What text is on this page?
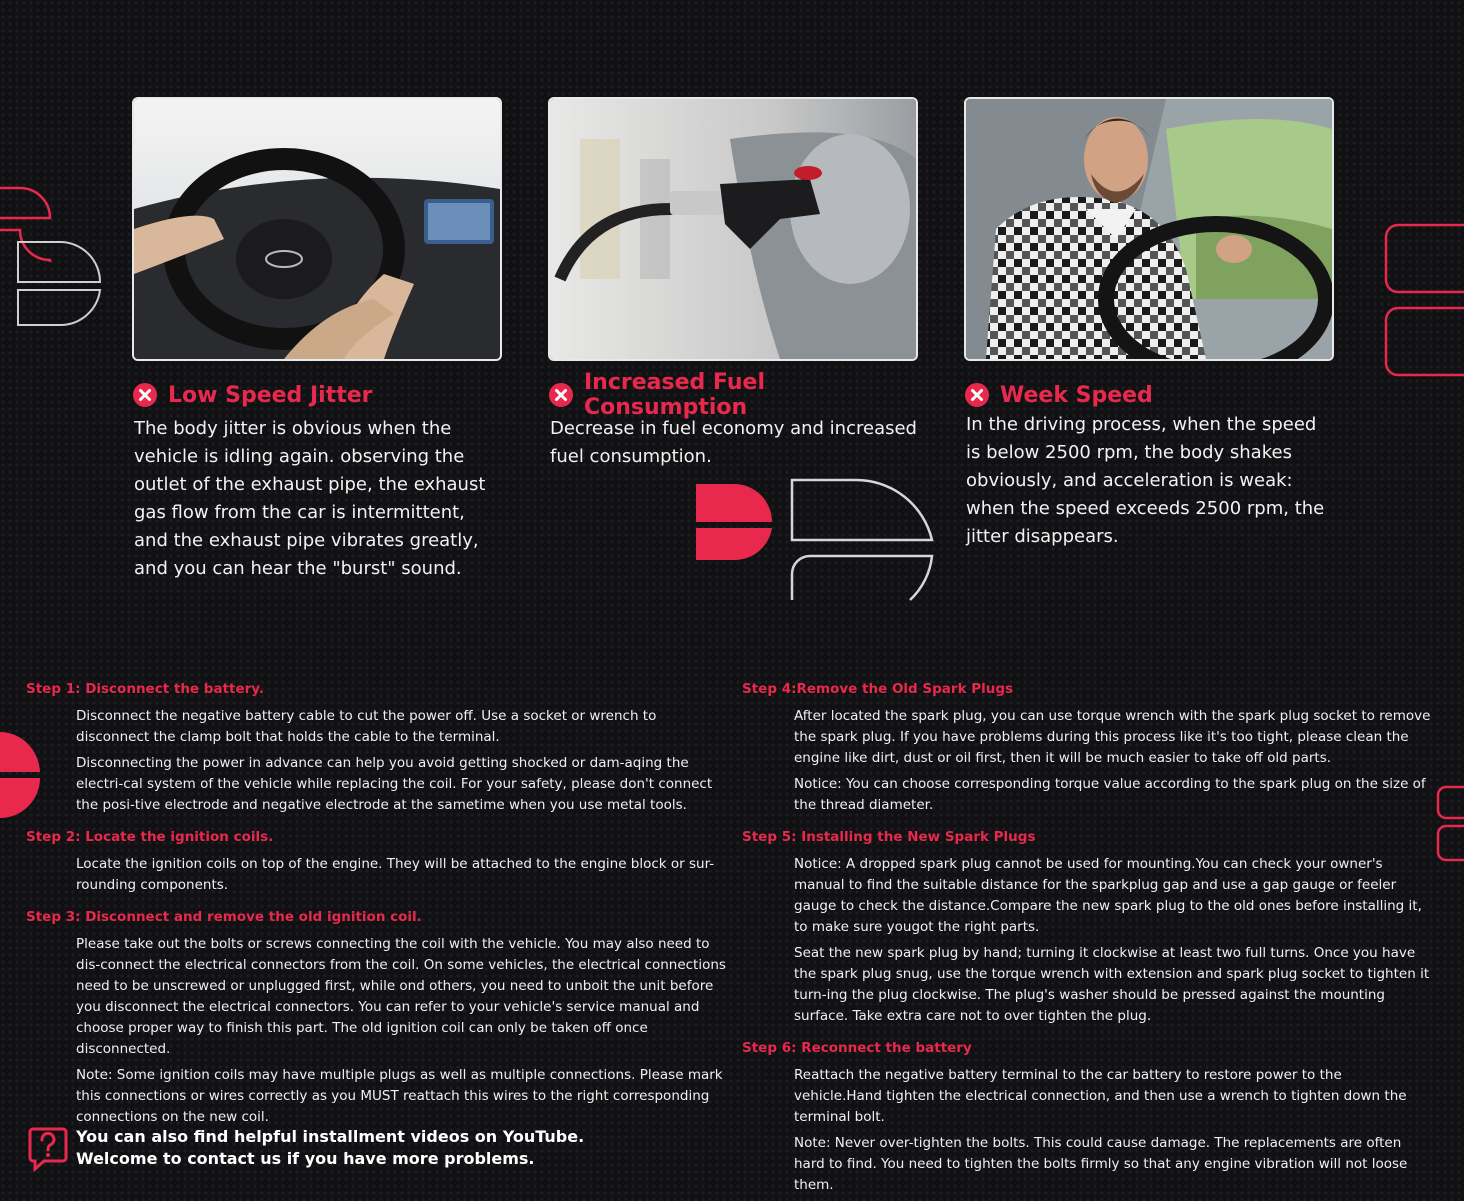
Low Speed Jitter

The body jitter is obvious when the vehicle is idling again. observing the outlet of the exhaust pipe, the exhaust gas flow from the car is intermittent, and the exhaust pipe vibrates greatly, and you can hear the "burst" sound.

Increased Fuel Consumption

Decrease in fuel economy and increased fuel consumption.

Week Speed

In the driving process, when the speed is below 2500 rpm, the body shakes obviously, and acceleration is weak: when the speed exceeds 2500 rpm, the jitter disappears.

Step 1: Disconnect the battery.

Disconnect the negative battery cable to cut the power off. Use a socket or wrench to disconnect the clamp bolt that holds the cable to the terminal.

Disconnecting the power in advance can help you avoid getting shocked or dam-aqing the electri-cal system of the vehicle while replacing the coil. For your safety, please don't connect the posi-tive electrode and negative electrode at the sametime when you use metal tools.

Step 2: Locate the ignition coils.

Locate the ignition coils on top of the engine. They will be attached to the engine block or sur-rounding components.

Step 3: Disconnect and remove the old ignition coil.

Please take out the bolts or screws connecting the coil with the vehicle. You may also need to dis-connect the electrical connectors from the coil. On some vehicles, the electrical connections need to be unscrewed or unplugged first, while ond others, you need to unboit the unit before you disconnect the electrical connectors. You can refer to your vehicle's service manual and choose proper way to finish this part. The old ignition coil can only be taken off once disconnected.

Note: Some ignition coils may have multiple plugs as well as multiple connections. Please mark this connections or wires correctly as you MUST reattach this wires to the right corresponding connections on the new coil.

Step 4:Remove the Old Spark Plugs

After located the spark plug, you can use torque wrench with the spark plug socket to remove the spark plug. If you have problems during this process like it's too tight, please clean the engine like dirt, dust or oil first, then it will be much easier to take off old parts.

Notice: You can choose corresponding torque value according to the spark plug on the size of the thread diameter.

Step 5: Installing the New Spark Plugs

Notice: A dropped spark plug cannot be used for mounting.You can check your owner's manual to find the suitable distance for the sparkplug gap and use a gap gauge or feeler gauge to check the distance.Compare the new spark plug to the old ones before installing it, to make sure yougot the right parts.

Seat the new spark plug by hand; turning it clockwise at least two full turns. Once you have the spark plug snug, use the torque wrench with extension and spark plug socket to tighten it turn-ing the plug clockwise. The plug's washer should be pressed against the mounting surface. Take extra care not to over tighten the plug.

Step 6: Reconnect the battery

Reattach the negative battery terminal to the car battery to restore power to the vehicle.Hand tighten the electrical connection, and then use a wrench to tighten down the terminal bolt.

Note: Never over-tighten the bolts. This could cause damage. The replacements are often hard to find. You need to tighten the bolts firmly so that any engine vibration will not loose them.

You can also find helpful installment videos on YouTube.
Welcome to contact us if you have more problems.
